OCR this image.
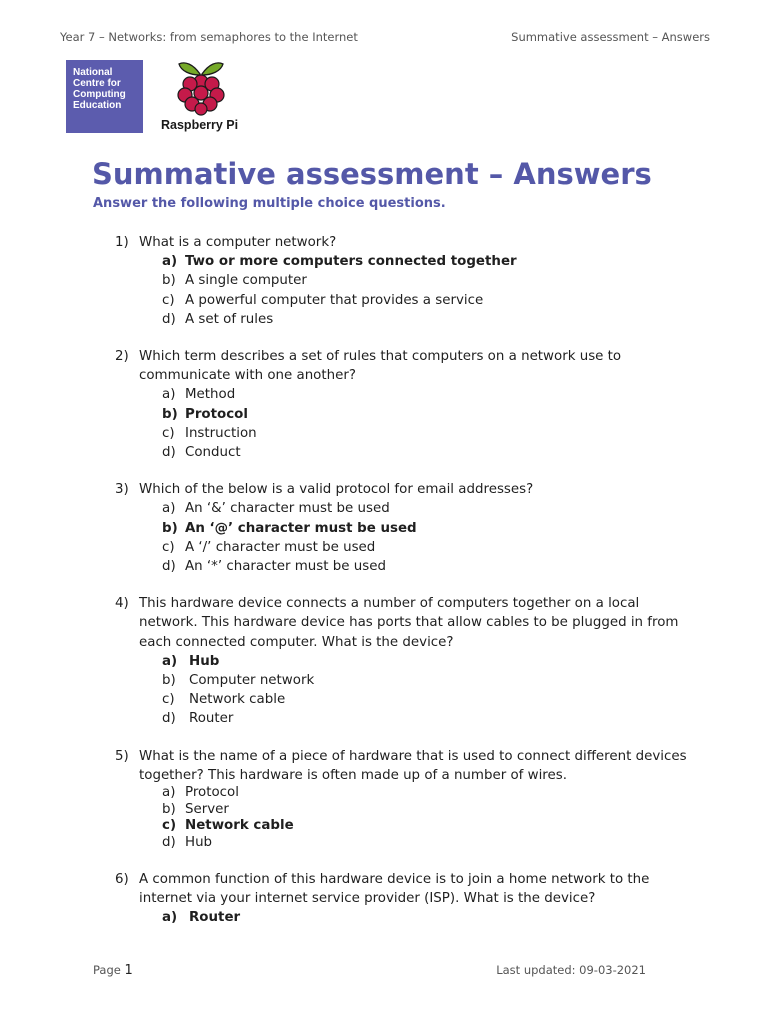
Year 7 – Networks: from semaphores to the Internet	Summative assessment – Answers
National
Centre for
Computing
Education
Raspberry Pi
Summative assessment – Answers

Answer the following multiple choice questions.

1) What is a computer network?
a) Two or more computers connected together
b) A single computer
c) A powerful computer that provides a service
d) A set of rules
2) Which term describes a set of rules that computers on a network use to communicate with one another?
a) Method
b) Protocol
c) Instruction
d) Conduct
3) Which of the below is a valid protocol for email addresses?
a) An ‘&’ character must be used
b) An ‘@’ character must be used
c) A ‘/’ character must be used
d) An ‘*’ character must be used
4) This hardware device connects a number of computers together on a local network. This hardware device has ports that allow cables to be plugged in from each connected computer. What is the device?
a) Hub
b) Computer network
c)	Network cable
d) Router
5) What is the name of a piece of hardware that is used to connect different devices together? This hardware is often made up of a number of wires.
a) Protocol
b) Server
c) Network cable
d) Hub
6) A common function of this hardware device is to join a home network to the internet via your internet service provider (ISP). What is the device?
a) Router
Page 1	Last updated: 09-03-2021
